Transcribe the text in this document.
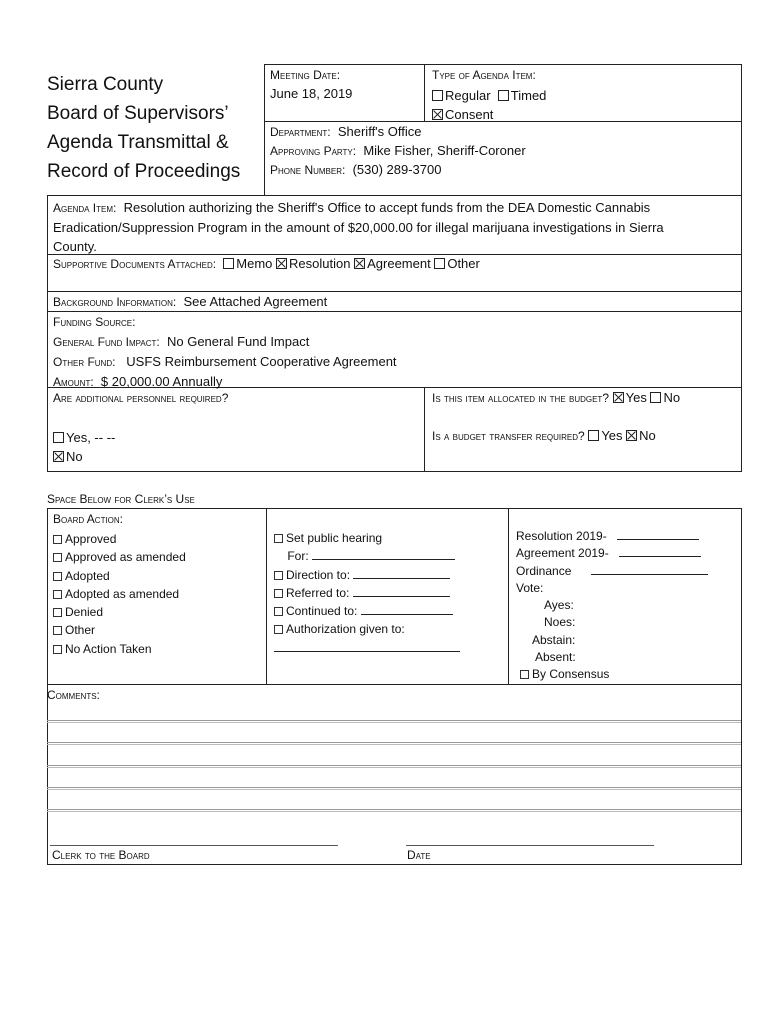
Sierra County
Board of Supervisors’
Agenda Transmittal &
Record of Proceedings
Meeting Date:
June 18, 2019
Type of Agenda Item:
Regular Timed
Consent
Department: Sheriff's Office
Approving Party: Mike Fisher, Sheriff-Coroner
Phone Number: (530) 289-3700
Agenda Item: Resolution authorizing the Sheriff's Office to accept funds from the DEA Domestic Cannabis
Eradication/Suppression Program in the amount of $20,000.00 for illegal marijuana investigations in Sierra
County.
Supportive Documents Attached: Memo Resolution Agreement Other
Background Information: See Attached Agreement
Funding Source:
General Fund Impact: No General Fund Impact
Other Fund: USFS Reimbursement Cooperative Agreement
Amount: $ 20,000.00 Annually
Are additional personnel required?
Yes, -- --
No
Is this item allocated in the budget? Yes No
Is a budget transfer required? Yes No
Space Below for Clerk’s Use
Board Action:
Approved
Approved as amended
Adopted
Adopted as amended
Denied
Other
No Action Taken
Set public hearing
For:
Direction to:
Referred to:
Continued to:
Authorization given to:
Resolution 2019-
Agreement 2019-
Ordinance
Vote:
Ayes:
Noes:
Abstain:
Absent:
By Consensus
Comments:
Clerk to the Board	Date
